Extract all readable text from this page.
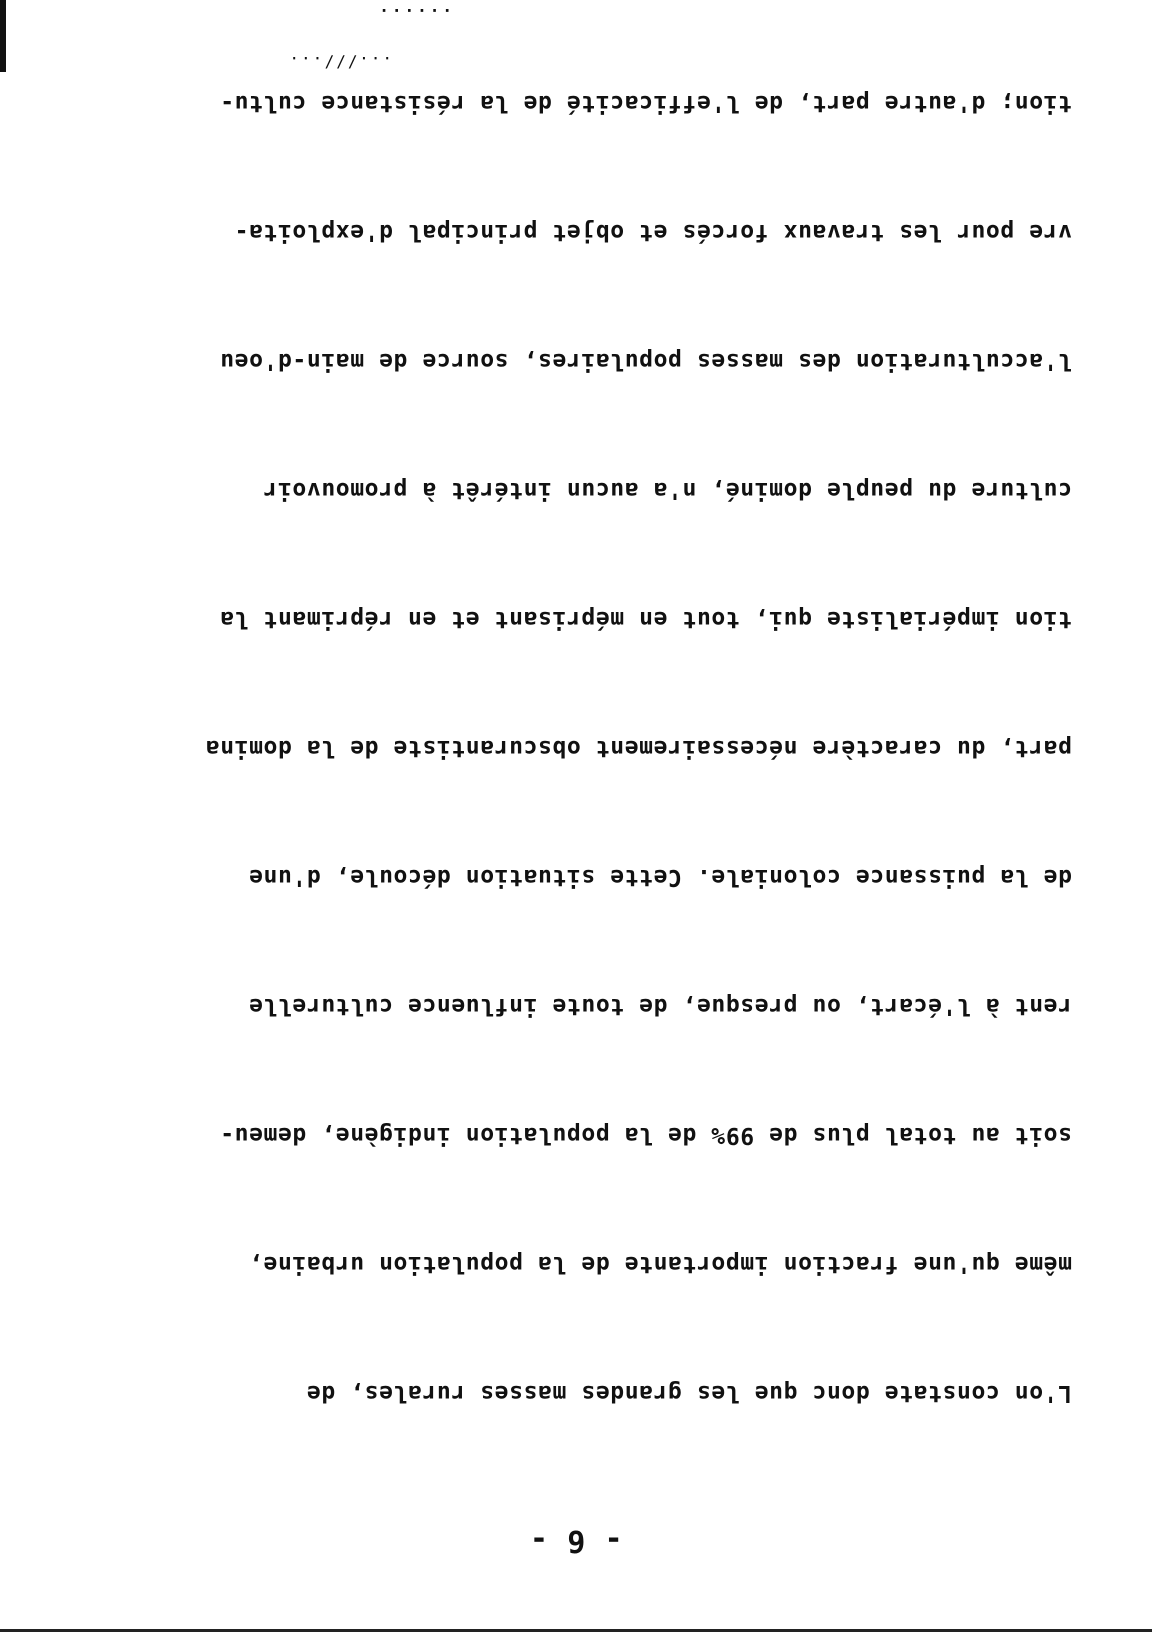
- 6 -

L'on constate donc que les grandes masses rurales, de

même qu'une fraction importante de la population urbaine,

soit au total plus de 99% de la population indigène, demeu-

rent à l'écart, ou presque, de toute influence culturelle

de la puissance coloniale. Cette situation découle, d'une

part, du caractère nécessairement obscurantiste de la domina

tion impérialiste qui, tout en méprisant et en réprimant la

culture du peuple dominé, n'a aucun intérêt à promouvoir

l'acculturation des masses populaires, source de main-d'oeu

vre pour les travaux forcés et objet principal d'exploita-

tion; d'autre part, de l'efficacité de la résistance cultu-

...///...
......
